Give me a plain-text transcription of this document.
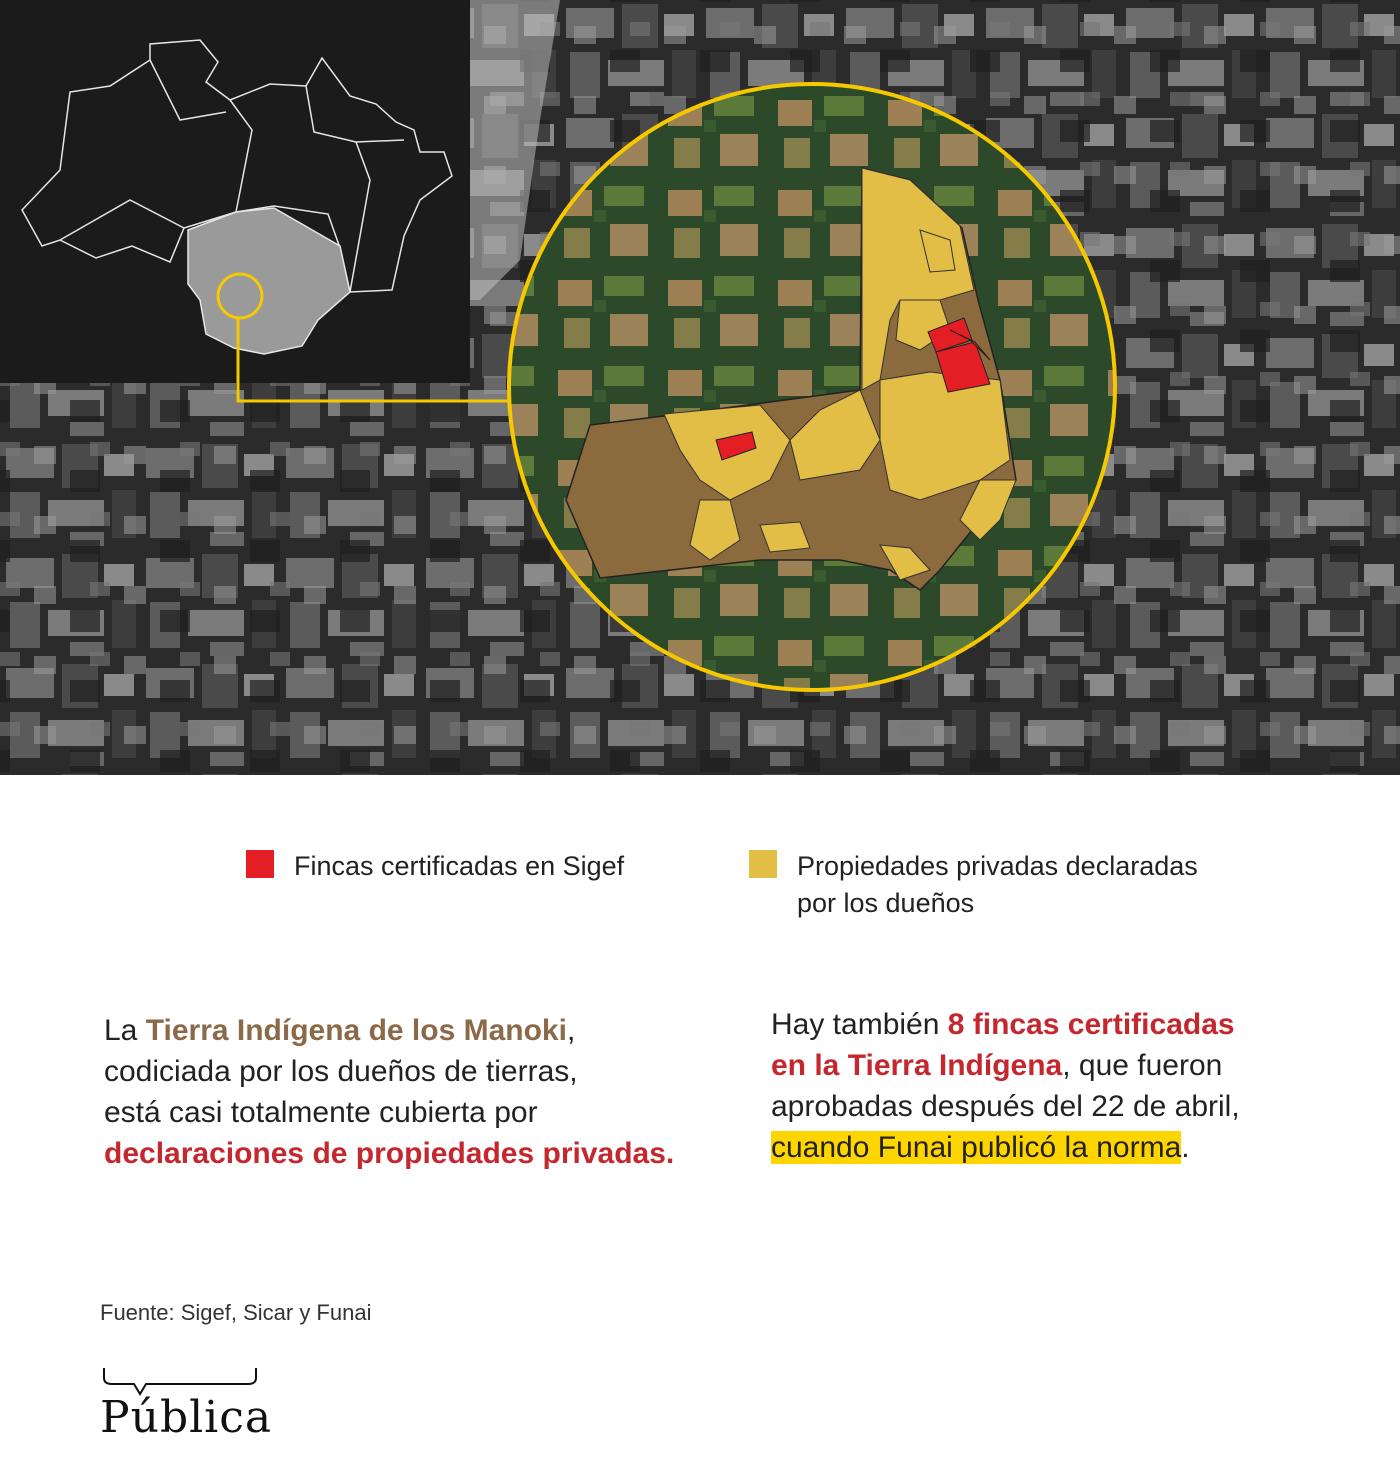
Fincas certificadas en Sigef	Propiedades privadas declaradas
por los dueños
La Tierra Indígena de los Manoki,
codiciada por los dueños de tierras,
está casi totalmente cubierta por
declaraciones de propiedades privadas.
Hay también 8 fincas certificadas
en la Tierra Indígena, que fueron
aprobadas después del 22 de abril,
cuando Funai publicó la norma.
Fuente: Sigef, Sicar y Funai
Pública
